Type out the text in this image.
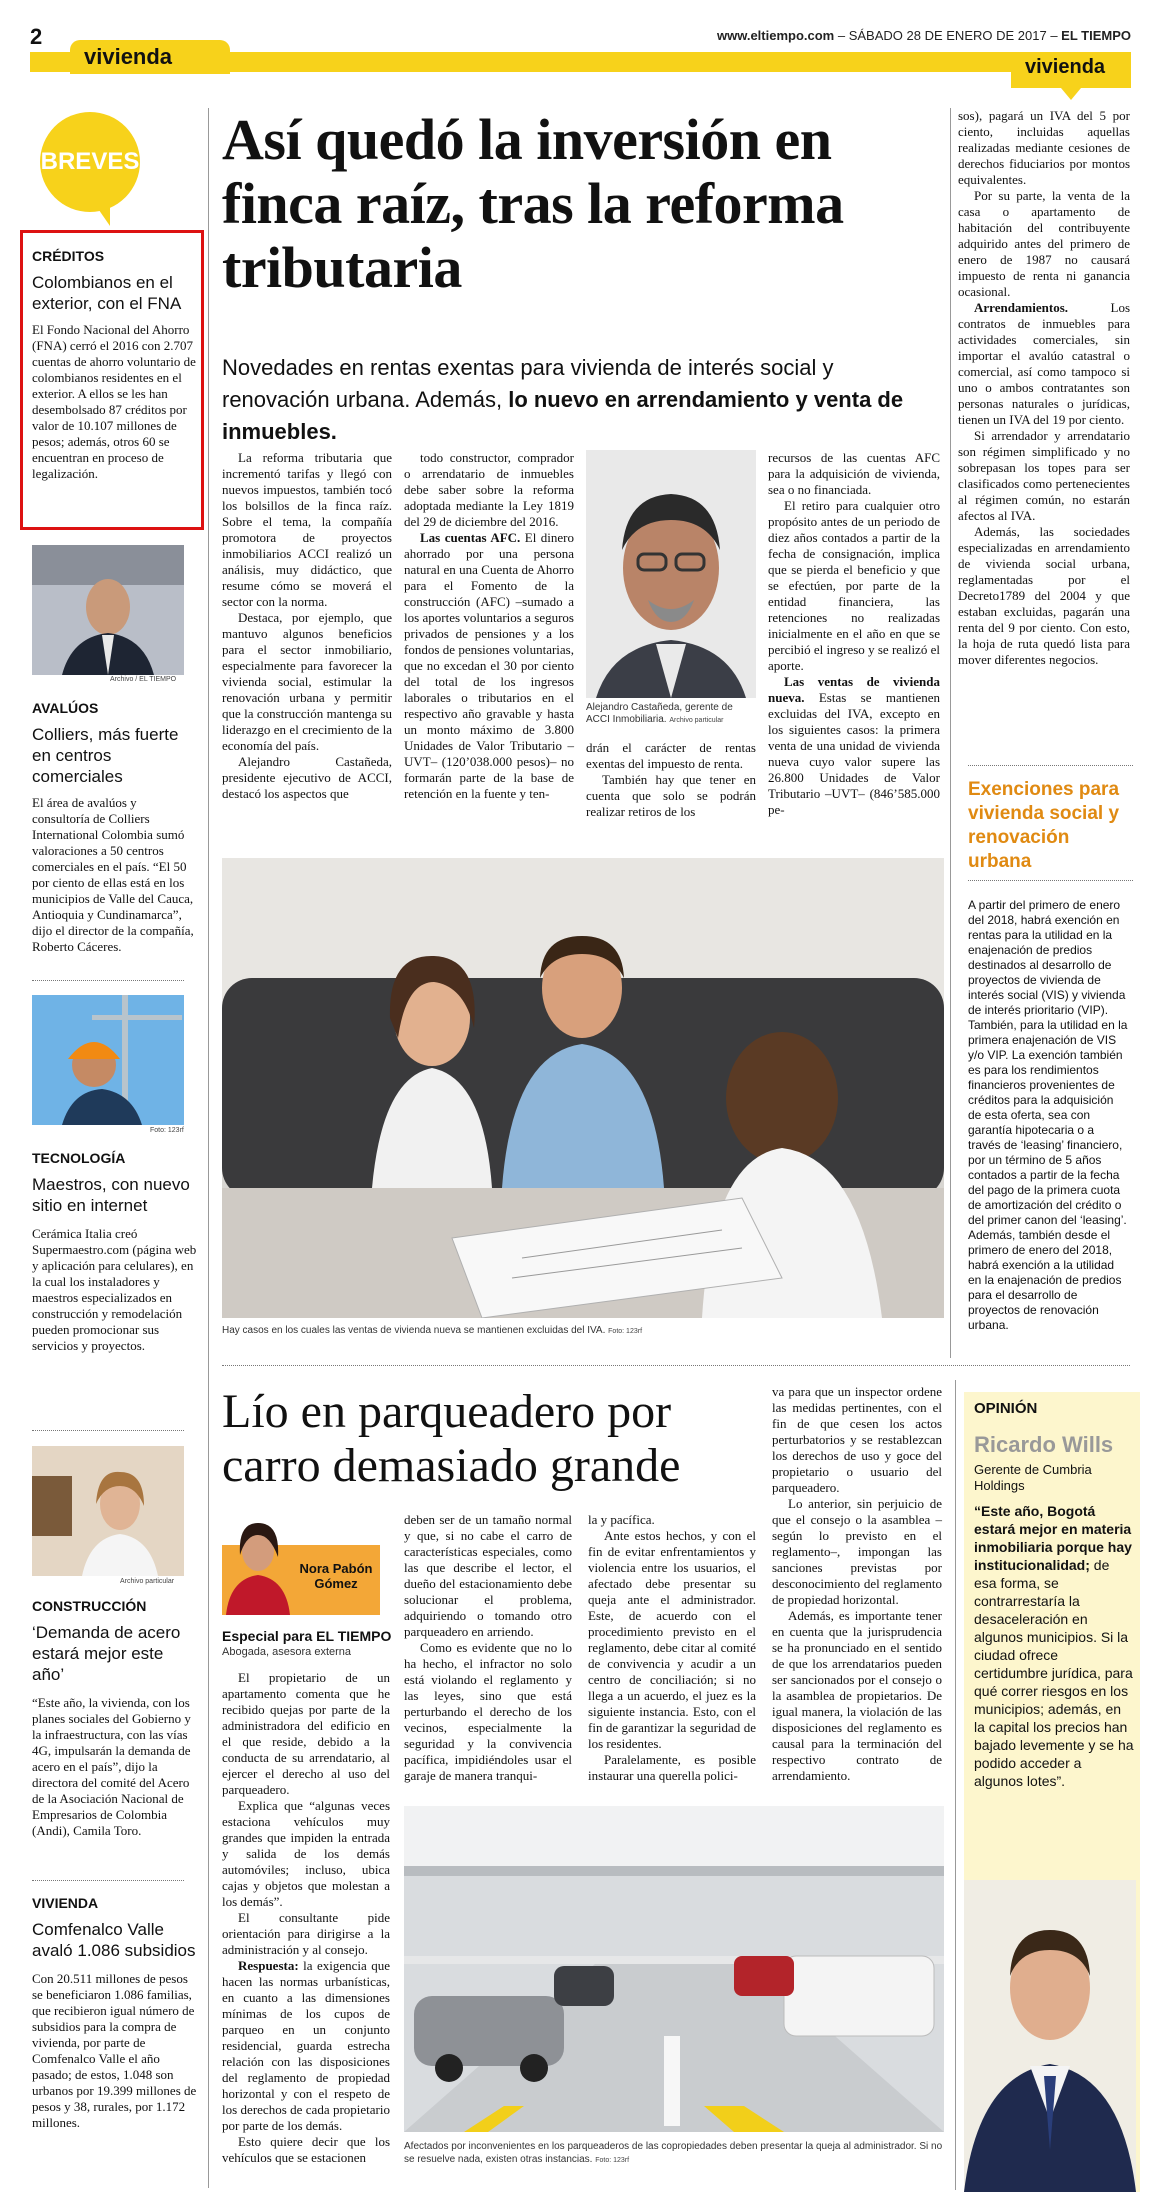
2
vivienda
www.eltiempo.com – SÁBADO 28 DE ENERO DE 2017 – EL TIEMPO
vivienda
BREVES
CRÉDITOS
Colombianos en el exterior, con el FNA
El Fondo Nacional del Ahorro (FNA) cerró el 2016 con 2.707 cuentas de ahorro voluntario de colombianos residentes en el exterior. A ellos se les han desembolsado 87 créditos por valor de 10.107 millones de pesos; además, otros 60 se encuentran en proceso de legalización.
Archivo / EL TIEMPO
AVALÚOS
Colliers, más fuerte en centros comerciales
El área de avalúos y consultoría de Colliers International Colombia sumó valoraciones a 50 centros comerciales en el país. “El 50 por ciento de ellas está en los municipios de Valle del Cauca, Antioquia y Cundinamarca”, dijo el director de la compañía, Roberto Cáceres.
Foto: 123rf
TECNOLOGÍA
Maestros, con nuevo sitio en internet
Cerámica Italia creó Supermaestro.com (página web y aplicación para celulares), en la cual los instaladores y maestros especializados en construcción y remodelación pueden promocionar sus servicios y proyectos.
Archivo particular
CONSTRUCCIÓN
‘Demanda de acero estará mejor este año’
“Este año, la vivienda, con los planes sociales del Gobierno y la infraestructura, con las vías 4G, impulsarán la demanda de acero en el país”, dijo la directora del comité del Acero de la Asociación Nacional de Empresarios de Colombia (Andi), Camila Toro.
VIVIENDA
Comfenalco Valle avaló 1.086 subsidios
Con 20.511 millones de pesos se beneficiaron 1.086 familias, que recibieron igual número de subsidios para la compra de vivienda, por parte de Comfenalco Valle el año pasado; de estos, 1.048 son urbanos por 19.399 millones de pesos y 38, rurales, por 1.172 millones.
Así quedó la inversión en finca raíz, tras la reforma tributaria
Novedades en rentas exentas para vivienda de interés social y renovación urbana. Además, lo nuevo en arrendamiento y venta de inmuebles.

La reforma tributaria que incrementó tarifas y llegó con nuevos impuestos, también tocó los bolsillos de la finca raíz. Sobre el tema, la compañía promotora de proyectos inmobiliarios ACCI realizó un análisis, muy didáctico, que resume cómo se moverá el sector con la norma.

Destaca, por ejemplo, que mantuvo algunos beneficios para el sector inmobiliario, especialmente para favorecer la vivienda social, estimular la renovación urbana y permitir que la construcción mantenga su liderazgo en el crecimiento de la economía del país.

Alejandro Castañeda, presidente ejecutivo de ACCI, destacó los aspectos que

todo constructor, comprador o arrendatario de inmuebles debe saber sobre la reforma adoptada mediante la Ley 1819 del 29 de diciembre del 2016.

Las cuentas AFC. El dinero ahorrado por una persona natural en una Cuenta de Ahorro para el Fomento de la construcción (AFC) –sumado a los aportes voluntarios a seguros privados de pensiones y a los fondos de pensiones voluntarias, que no excedan el 30 por ciento del total de los ingresos laborales o tributarios en el respectivo año gravable y hasta un monto máximo de 3.800 Unidades de Valor Tributario –UVT– (120’038.000 pesos)– no formarán parte de la base de retención en la fuente y ten-

Alejandro Castañeda, gerente de ACCI Inmobiliaria. Archivo particular

drán el carácter de rentas exentas del impuesto de renta.

También hay que tener en cuenta que solo se podrán realizar retiros de los

recursos de las cuentas AFC para la adquisición de vivienda, sea o no financiada.

El retiro para cualquier otro propósito antes de un periodo de diez años contados a partir de la fecha de consignación, implica que se pierda el beneficio y que se efectúen, por parte de la entidad financiera, las retenciones no realizadas inicialmente en el año en que se percibió el ingreso y se realizó el aporte.

Las ventas de vivienda nueva. Estas se mantienen excluidas del IVA, excepto en los siguientes casos: la primera venta de una unidad de vivienda nueva cuyo valor supere las 26.800 Unidades de Valor Tributario –UVT– (846’585.000 pe-

sos), pagará un IVA del 5 por ciento, incluidas aquellas realizadas mediante cesiones de derechos fiduciarios por montos equivalentes.

Por su parte, la venta de la casa o apartamento de habitación del contribuyente adquirido antes del primero de enero de 1987 no causará impuesto de renta ni ganancia ocasional.

Arrendamientos.	Los contratos de inmuebles para actividades comerciales, sin importar el avalúo catastral o comercial, así como tampoco si uno o ambos contratantes son personas naturales o jurídicas, tienen un IVA del 19 por ciento.

Si arrendador y arrendatario son régimen simplificado y no sobrepasan los topes para ser clasificados como pertenecientes al régimen común, no estarán afectos al IVA.

Además, las sociedades especializadas en arrendamiento de vivienda social urbana, reglamentadas por el Decreto1789 del 2004 y que estaban excluidas, pagarán una renta del 9 por ciento. Con esto, la hoja de ruta quedó lista para mover diferentes negocios.

Hay casos en los cuales las ventas de vivienda nueva se mantienen excluidas del IVA. Foto: 123rf
Exenciones para vivienda social y renovación urbana
A partir del primero de enero del 2018, habrá exención en rentas para la utilidad en la enajenación de predios destinados al desarrollo de proyectos de vivienda de interés social (VIS) y vivienda de interés prioritario (VIP). También, para la utilidad en la primera enajenación de VIS y/o VIP. La exención también es para los rendimientos financieros provenientes de créditos para la adquisición de esta oferta, sea con garantía hipotecaria o a través de ‘leasing’ financiero, por un término de 5 años contados a partir de la fecha del pago de la primera cuota de amortización del crédito o del primer canon del ‘leasing’. Además, también desde el primero de enero del 2018, habrá exención a la utilidad en la enajenación de predios para el desarrollo de proyectos de renovación urbana.
Lío en parqueadero por carro demasiado grande
Nora Pabón Gómez
Especial para EL TIEMPO
Abogada, asesora externa

El propietario de un apartamento comenta que he recibido quejas por parte de la administradora del edificio en el que reside, debido a la conducta de su arrendatario, al ejercer el derecho al uso del parqueadero.

Explica que “algunas veces estaciona vehículos muy grandes que impiden la entrada y salida de los demás automóviles; incluso, ubica cajas y objetos que molestan a los demás”.

El consultante pide orientación para dirigirse a la administración y al consejo.

Respuesta: la exigencia que hacen las normas urbanísticas, en cuanto a las dimensiones mínimas de los cupos de parqueo en un conjunto residencial, guarda estrecha relación con las disposiciones del reglamento de propiedad horizontal y con el respeto de los derechos de cada propietario por parte de los demás.

Esto quiere decir que los vehículos que se estacionen

deben ser de un tamaño normal y que, si no cabe el carro de características especiales, como las que describe el lector, el dueño del estacionamiento debe solucionar el problema, adquiriendo o tomando otro parqueadero en arriendo.

Como es evidente que no lo ha hecho, el infractor no solo está violando el reglamento y las leyes, sino que está perturbando el derecho de los vecinos, especialmente la seguridad y la convivencia pacífica, impidiéndoles usar el garaje de manera tranqui-

la y pacífica.

Ante estos hechos, y con el fin de evitar enfrentamientos y violencia entre los usuarios, el afectado debe presentar su queja ante el administrador. Este, de acuerdo con el procedimiento previsto en el reglamento, debe citar al comité de convivencia y acudir a un centro de conciliación; si no llega a un acuerdo, el juez es la siguiente instancia. Esto, con el fin de garantizar la seguridad de los residentes.

Paralelamente, es posible instaurar una querella polici-

va para que un inspector ordene las medidas pertinentes, con el fin de que cesen los actos perturbatorios y se restablezcan los derechos de uso y goce del propietario o usuario del parqueadero.

Lo anterior, sin perjuicio de que el consejo o la asamblea –según lo previsto en el reglamento–, impongan las sanciones previstas por desconocimiento del reglamento de propiedad horizontal.

Además, es importante tener en cuenta que la jurisprudencia se ha pronunciado en el sentido de que los arrendatarios pueden ser sancionados por el consejo o la asamblea de propietarios. De igual manera, la violación de las disposiciones del reglamento es causal para la terminación del respectivo contrato de arrendamiento.

Afectados por inconvenientes en los parqueaderos de las copropiedades deben presentar la queja al administrador. Si no se resuelve nada, existen otras instancias. Foto: 123rf
OPINIÓN
Ricardo Wills
Gerente de Cumbria Holdings
“Este año, Bogotá estará mejor en materia inmobiliaria porque hay institucionalidad; de esa forma, se contrarrestaría la desaceleración en algunos municipios. Si la ciudad ofrece certidumbre jurídica, para qué correr riesgos en los municipios; además, en la capital los precios han bajado levemente y se ha podido acceder a algunos lotes”.
